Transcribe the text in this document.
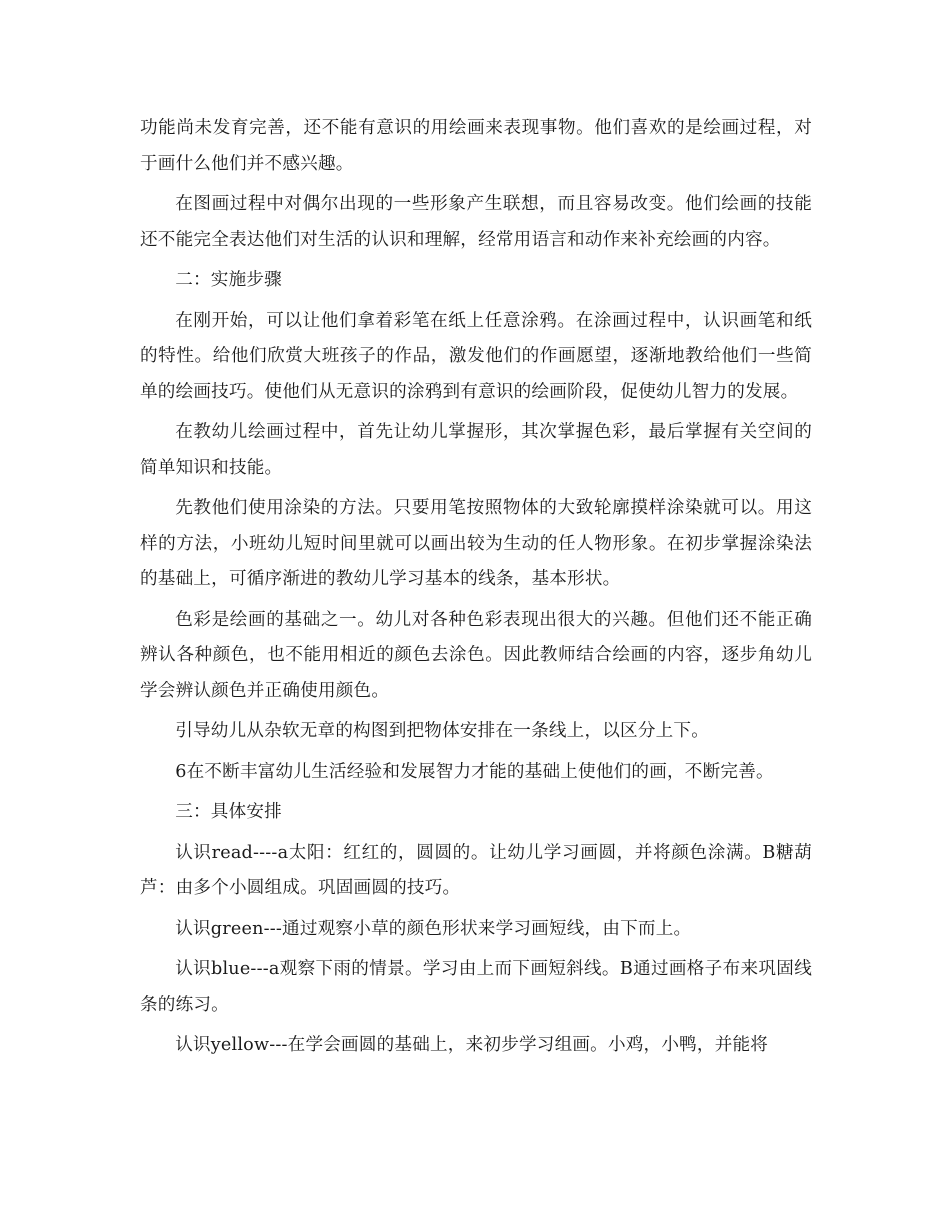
功能尚未发育完善，还不能有意识的用绘画来表现事物。他们喜欢的是绘画过程，对于画什么他们并不感兴趣。

在图画过程中对偶尔出现的一些形象产生联想，而且容易改变。他们绘画的技能还不能完全表达他们对生活的认识和理解，经常用语言和动作来补充绘画的内容。

二：实施步骤

在刚开始，可以让他们拿着彩笔在纸上任意涂鸦。在涂画过程中，认识画笔和纸的特性。给他们欣赏大班孩子的作品，激发他们的作画愿望，逐渐地教给他们一些简单的绘画技巧。使他们从无意识的涂鸦到有意识的绘画阶段，促使幼儿智力的发展。

在教幼儿绘画过程中，首先让幼儿掌握形，其次掌握色彩，最后掌握有关空间的简单知识和技能。

先教他们使用涂染的方法。只要用笔按照物体的大致轮廓摸样涂染就可以。用这样的方法，小班幼儿短时间里就可以画出较为生动的任人物形象。在初步掌握涂染法的基础上，可循序渐进的教幼儿学习基本的线条，基本形状。

色彩是绘画的基础之一。幼儿对各种色彩表现出很大的兴趣。但他们还不能正确辨认各种颜色，也不能用相近的颜色去涂色。因此教师结合绘画的内容，逐步角幼儿学会辨认颜色并正确使用颜色。

引导幼儿从杂软无章的构图到把物体安排在一条线上，以区分上下。

6在不断丰富幼儿生活经验和发展智力才能的基础上使他们的画，不断完善。

三：具体安排

认识read----a太阳：红红的，圆圆的。让幼儿学习画圆，并将颜色涂满。B糖葫芦：由多个小圆组成。巩固画圆的技巧。

认识green---通过观察小草的颜色形状来学习画短线，由下而上。

认识blue---a观察下雨的情景。学习由上而下画短斜线。B通过画格子布来巩固线条的练习。

认识yellow---在学会画圆的基础上，来初步学习组画。小鸡，小鸭，并能将
